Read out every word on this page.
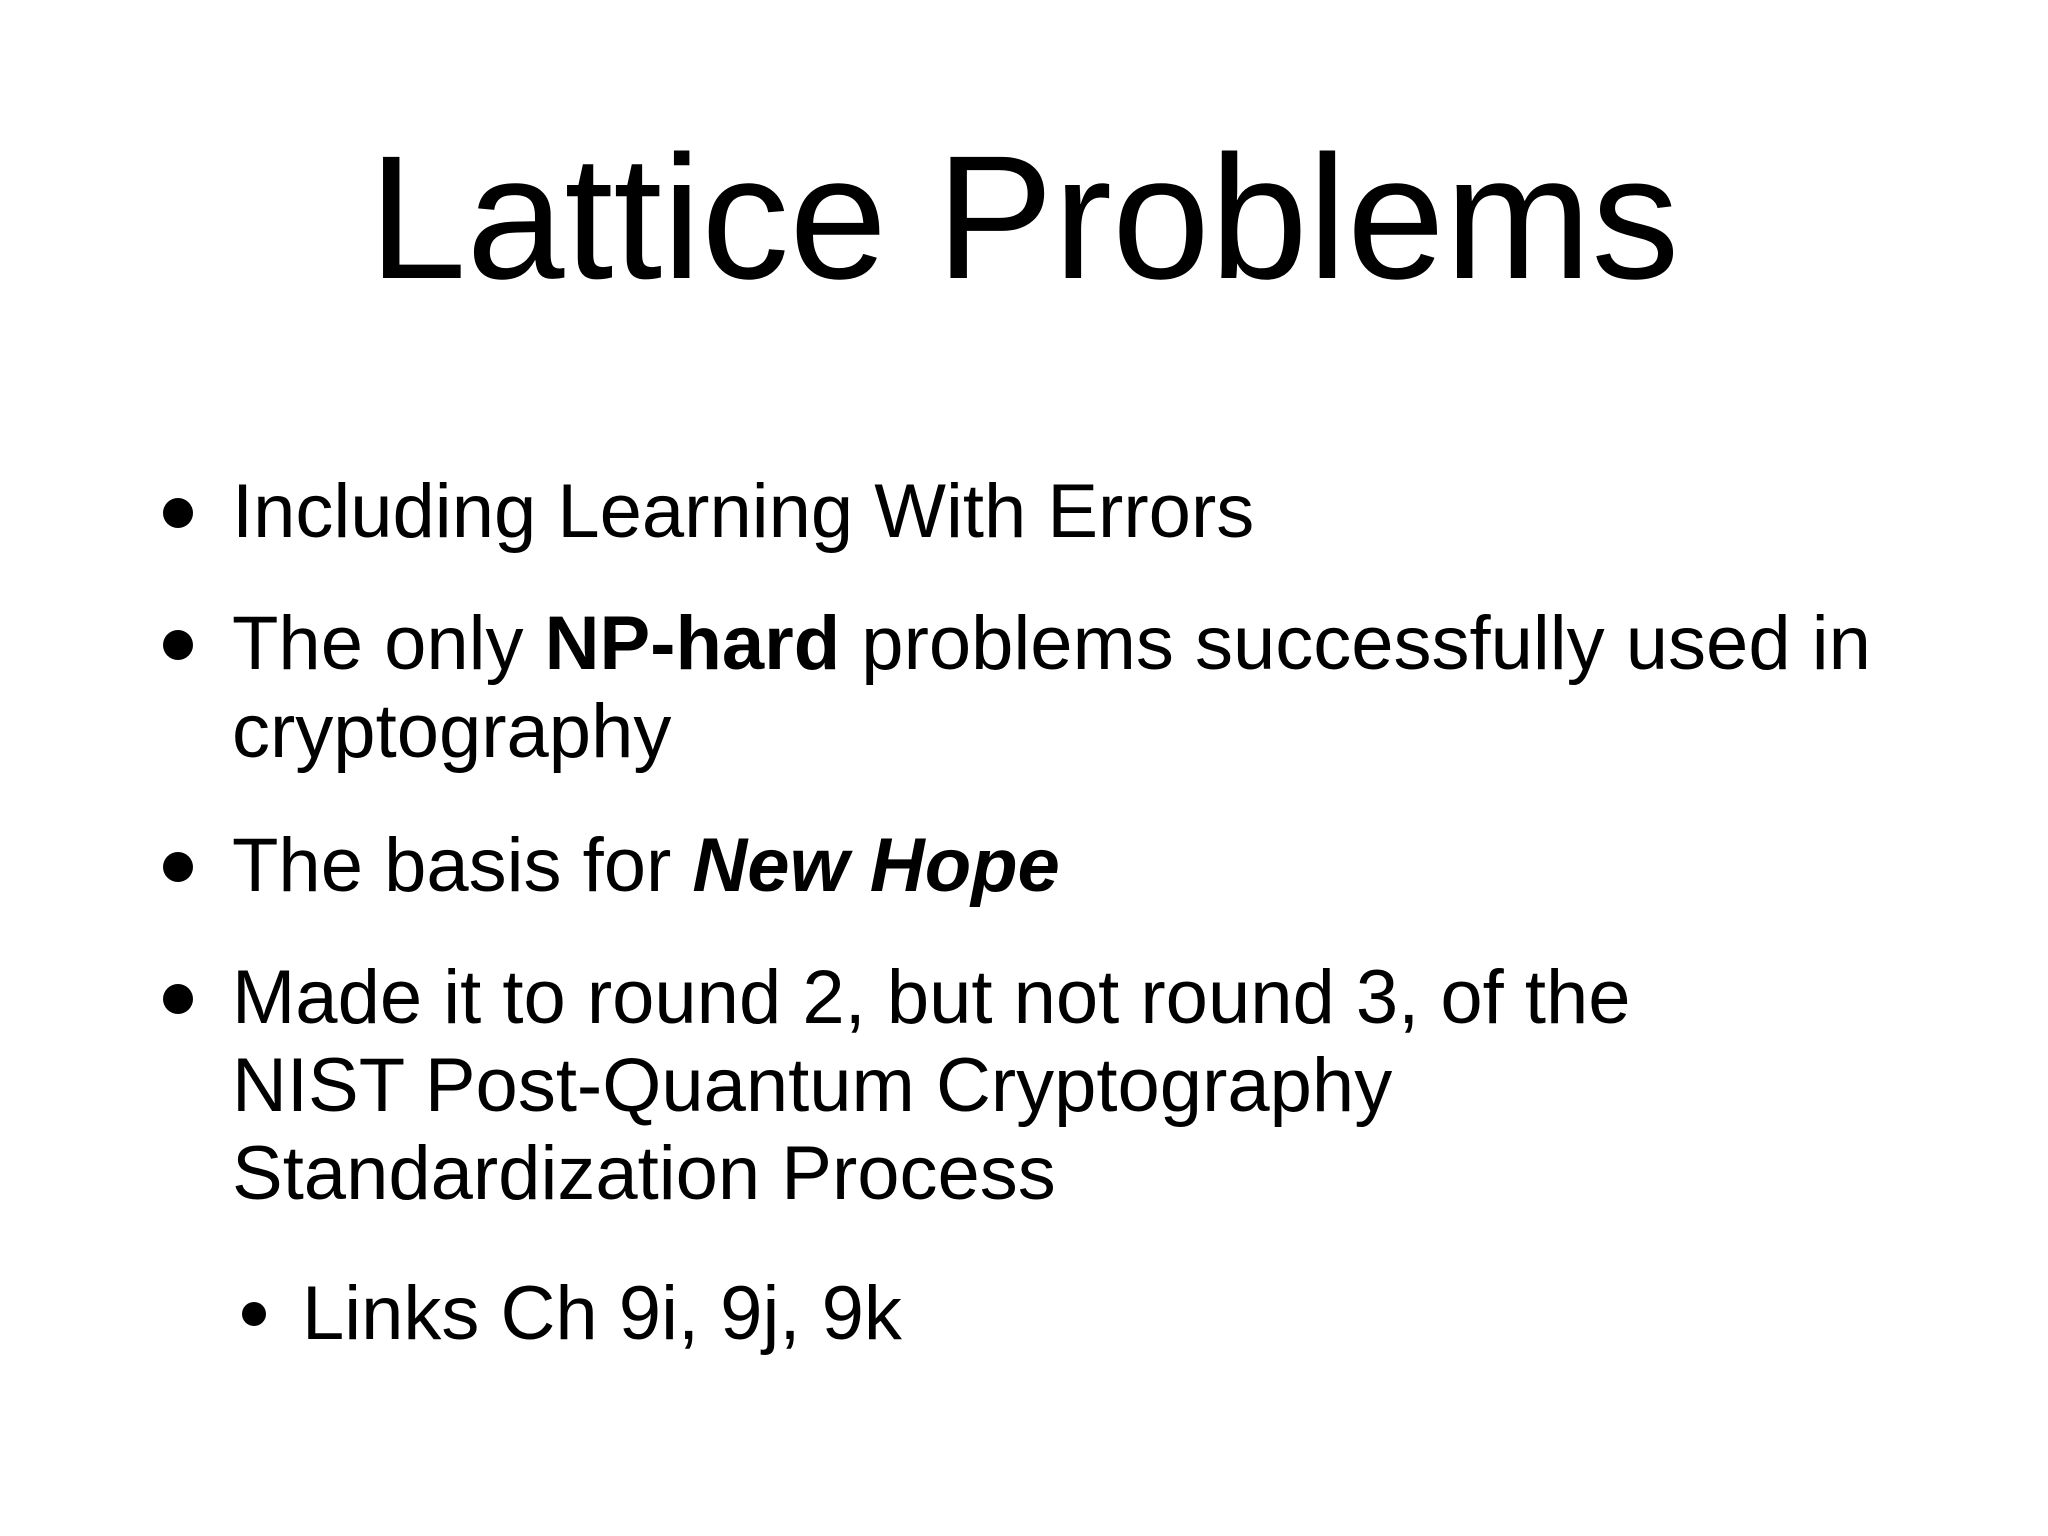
Lattice Problems
Including Learning With Errors
The only NP-hard problems successfully used in cryptography
The basis for New Hope
Made it to round 2, but not round 3, of the
NIST Post-Quantum Cryptography
Standardization Process
Links Ch 9i, 9j, 9k
